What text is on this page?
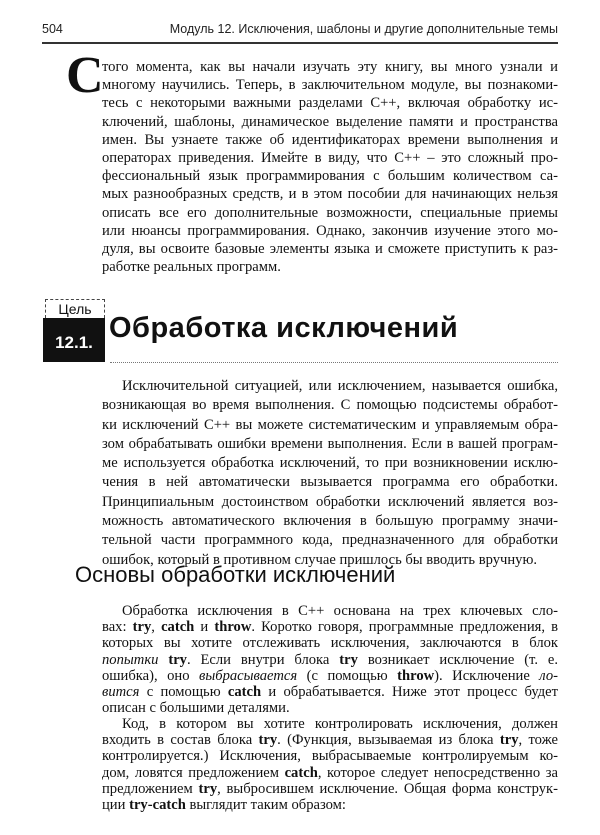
504	Модуль 12. Исключения, шаблоны и другие дополнительные темы
С
того момента, как вы начали изучать эту книгу, вы много узнали и
многому научились. Теперь, в заключительном модуле, вы познакоми-
тесь с некоторыми важными разделами C++, включая обработку ис-
ключений, шаблоны, динамическое выделение памяти и пространства
имен. Вы узнаете также об идентификаторах времени выполнения и
операторах приведения. Имейте в виду, что C++ – это сложный про-
фессиональный язык программирования с большим количеством са-
мых разнообразных средств, и в этом пособии для начинающих нельзя
описать все его дополнительные возможности, специальные приемы
или нюансы программирования. Однако, закончив изучение этого мо-
дуля, вы освоите базовые элементы языка и сможете приступить к раз-
работке реальных программ.
Цель
12.1. Обработка исключений
Исключительной ситуацией, или исключением, называется ошибка,
возникающая во время выполнения. С помощью подсистемы обработ-
ки исключений C++ вы можете систематическим и управляемым обра-
зом обрабатывать ошибки времени выполнения. Если в вашей програм-
ме используется обработка исключений, то при возникновении исклю-
чения в ней автоматически вызывается программа его обработки.
Принципиальным достоинством обработки исключений является воз-
можность автоматического включения в большую программу значи-
тельной части программного кода, предназначенного для обработки
ошибок, который в противном случае пришлось бы вводить вручную.
Основы обработки исключений
Обработка исключения в C++ основана на трех ключевых сло-
вах: try, catch и throw. Коротко говоря, программные предложения, в
которых вы хотите отслеживать исключения, заключаются в блок
попытки try. Если внутри блока try возникает исключение (т. е.
ошибка), оно выбрасывается (с помощью throw). Исключение ло-
вится с помощью catch и обрабатывается. Ниже этот процесс будет
описан с большими деталями.
Код, в котором вы хотите контролировать исключения, должен
входить в состав блока try. (Функция, вызываемая из блока try, тоже
контролируется.) Исключения, выбрасываемые контролируемым ко-
дом, ловятся предложением catch, которое следует непосредственно за
предложением try, выбросившем исключение. Общая форма конструк-
ции try-catch выглядит таким образом:
